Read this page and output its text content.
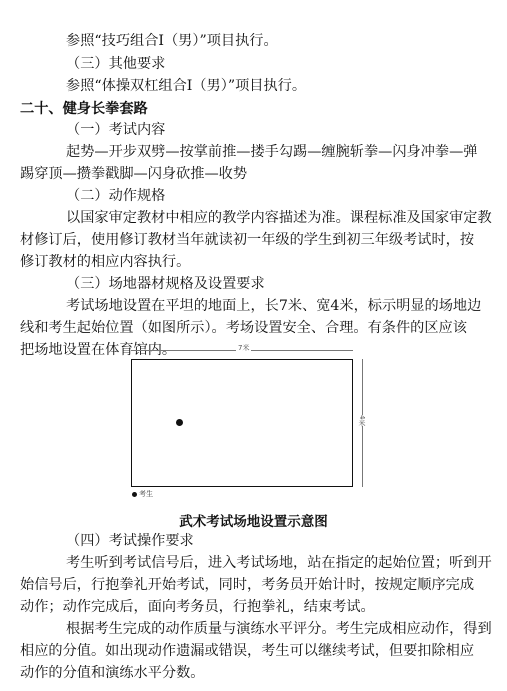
参照“技巧组合Ⅰ（男）”项目执行。
（三）其他要求
参照“体操双杠组合Ⅰ（男）”项目执行。
二十、健身长拳套路
（一）考试内容
起势—开步双劈—按掌前推—搂手勾踢—缠腕斩拳—闪身冲拳—弹
踢穿顶—攒拳戳脚—闪身砍推—收势
（二）动作规格
以国家审定教材中相应的教学内容描述为准。课程标准及国家审定教
材修订后，使用修订教材当年就读初一年级的学生到初三年级考试时，按
修订教材的相应内容执行。
（三）场地器材规格及设置要求
考试场地设置在平坦的地面上，长7米、宽4米，标示明显的场地边
线和考生起始位置（如图所示）。考场设置安全、合理。有条件的区应该
把场地设置在体育馆内。	7米
4米
考生
武术考试场地设置示意图
（四）考试操作要求
考生听到考试信号后，进入考试场地，站在指定的起始位置；听到开
始信号后，行抱拳礼开始考试，同时，考务员开始计时，按规定顺序完成
动作；动作完成后，面向考务员，行抱拳礼，结束考试。
根据考生完成的动作质量与演练水平评分。考生完成相应动作，得到
相应的分值。如出现动作遗漏或错误，考生可以继续考试，但要扣除相应
动作的分值和演练水平分数。
